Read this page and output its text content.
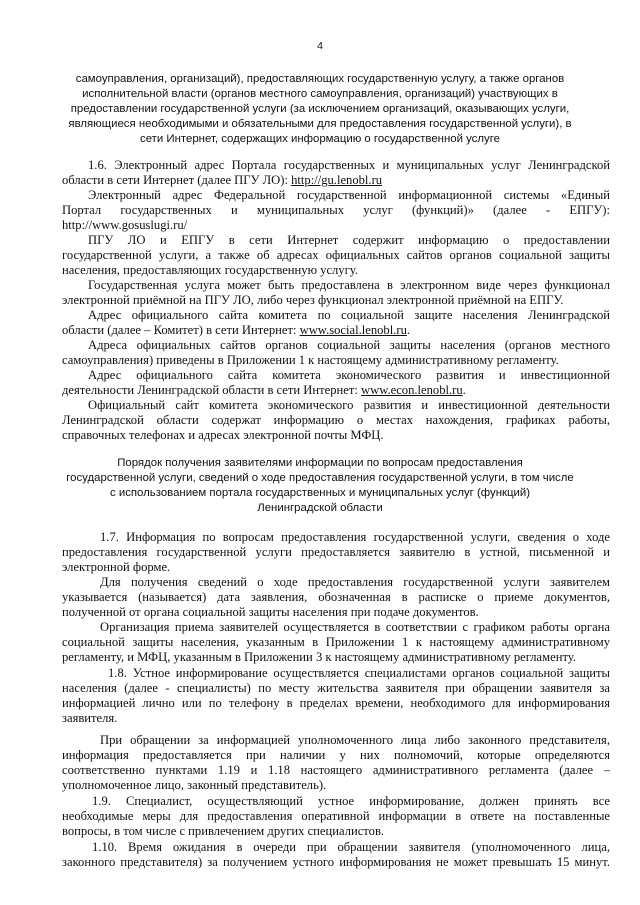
4

самоуправления, организаций), предоставляющих государственную услугу, а также органов

исполнительной власти (органов местного самоуправления, организаций) участвующих в

предоставлении государственной услуги (за исключением организаций, оказывающих услуги,

являющиеся необходимыми и обязательными для предоставления государственной услуги), в

сети Интернет, содержащих информацию о государственной услуге

1.6. Электронный адрес Портала государственных и муниципальных услуг Ленинградской

области в сети Интернет (далее ПГУ ЛО): http://gu.lenobl.ru

Электронный адрес Федеральной государственной информационной системы «Единый

Портал государственных и муниципальных услуг (функций)» (далее - ЕПГУ):

http://www.gosuslugi.ru/

ПГУ ЛО и ЕПГУ в сети Интернет содержит информацию о предоставлении

государственной услуги, а также об адресах официальных сайтов органов социальной защиты

населения, предоставляющих государственную услугу.

Государственная услуга может быть предоставлена в электронном виде через функционал

электронной приёмной на ПГУ ЛО, либо через функционал электронной приёмной на ЕПГУ.

Адрес официального сайта комитета по социальной защите населения Ленинградской

области (далее – Комитет) в сети Интернет: www.social.lenobl.ru.

Адреса официальных сайтов органов социальной защиты населения (органов местного

самоуправления) приведены в Приложении 1 к настоящему административному регламенту.

Адрес официального сайта комитета экономического развития и инвестиционной

деятельности Ленинградской области в сети Интернет: www.econ.lenobl.ru.

Официальный сайт комитета экономического развития и инвестиционной деятельности

Ленинградской области содержат информацию о местах нахождения, графиках работы,

справочных телефонах и адресах электронной почты МФЦ.

Порядок получения заявителями информации по вопросам предоставления

государственной услуги, сведений о ходе предоставления государственной услуги, в том числе

с использованием портала государственных и муниципальных услуг (функций)

Ленинградской области

1.7. Информация по вопросам предоставления государственной услуги, сведения о ходе

предоставления государственной услуги предоставляется заявителю в устной, письменной и

электронной форме.

Для получения сведений о ходе предоставления государственной услуги заявителем

указывается (называется) дата заявления, обозначенная в расписке о приеме документов,

полученной от органа социальной защиты населения при подаче документов.

Организация приема заявителей осуществляется в соответствии с графиком работы органа

социальной защиты населения, указанным в Приложении 1 к настоящему административному

регламенту, и МФЦ, указанным в Приложении 3 к настоящему административному регламенту.

1.8. Устное информирование осуществляется специалистами органов социальной защиты

населения (далее - специалисты) по месту жительства заявителя при обращении заявителя за

информацией лично или по телефону в пределах времени, необходимого для информирования

заявителя.

При обращении за информацией уполномоченного лица либо законного представителя,

информация предоставляется при наличии у них полномочий, которые определяются

соответственно пунктами 1.19 и 1.18 настоящего административного регламента (далее –

уполномоченное лицо, законный представитель).

1.9. Специалист, осуществляющий устное информирование, должен принять все

необходимые меры для предоставления оперативной информации в ответе на поставленные

вопросы, в том числе с привлечением других специалистов.

1.10. Время ожидания в очереди при обращении заявителя (уполномоченного лица,

законного представителя) за получением устного информирования не может превышать 15 минут.
